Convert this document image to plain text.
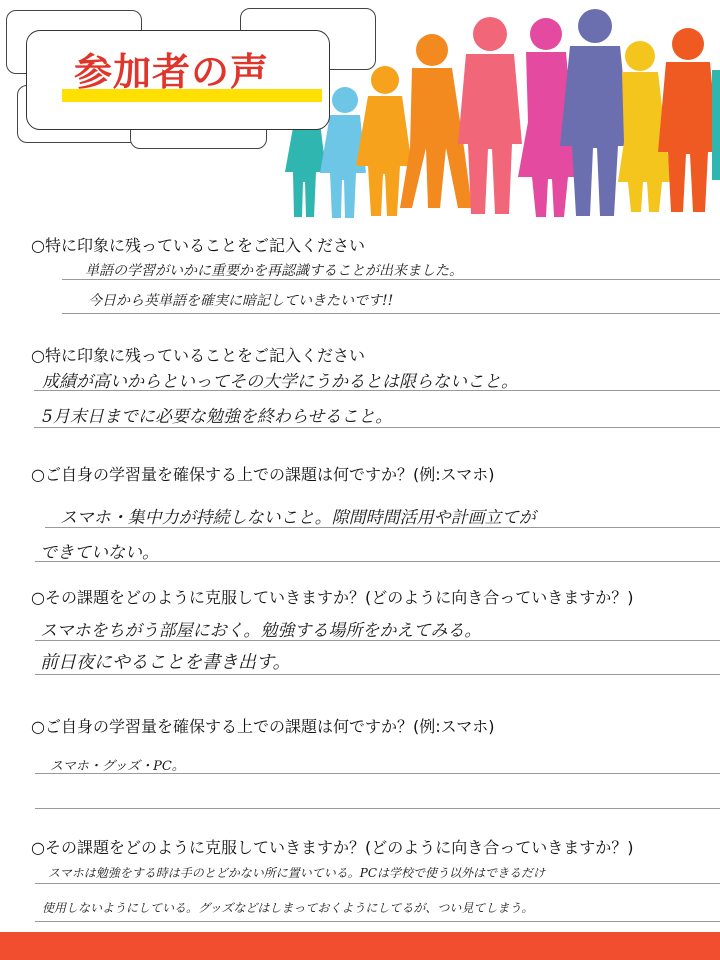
参加者の声
○特に印象に残っていることをご記入ください
単語の学習がいかに重要かを再認識することが出来ました。
今日から英単語を確実に暗記していきたいです!!
○特に印象に残っていることをご記入ください
成績が高いからといってその大学にうかるとは限らないこと。
5月末日までに必要な勉強を終わらせること。
○ご自身の学習量を確保する上での課題は何ですか？(例:スマホ)
スマホ・集中力が持続しないこと。隙間時間活用や計画立てが
できていない。
○その課題をどのように克服していきますか？(どのように向き合っていきますか？)
スマホをちがう部屋におく。勉強する場所をかえてみる。
前日夜にやることを書き出す。
○ご自身の学習量を確保する上での課題は何ですか？(例:スマホ)
スマホ・グッズ・PC。
○その課題をどのように克服していきますか？(どのように向き合っていきますか？)
スマホは勉強をする時は手のとどかない所に置いている。PCは学校で使う以外はできるだけ
使用しないようにしている。グッズなどはしまっておくようにしてるが、つい見てしまう。
